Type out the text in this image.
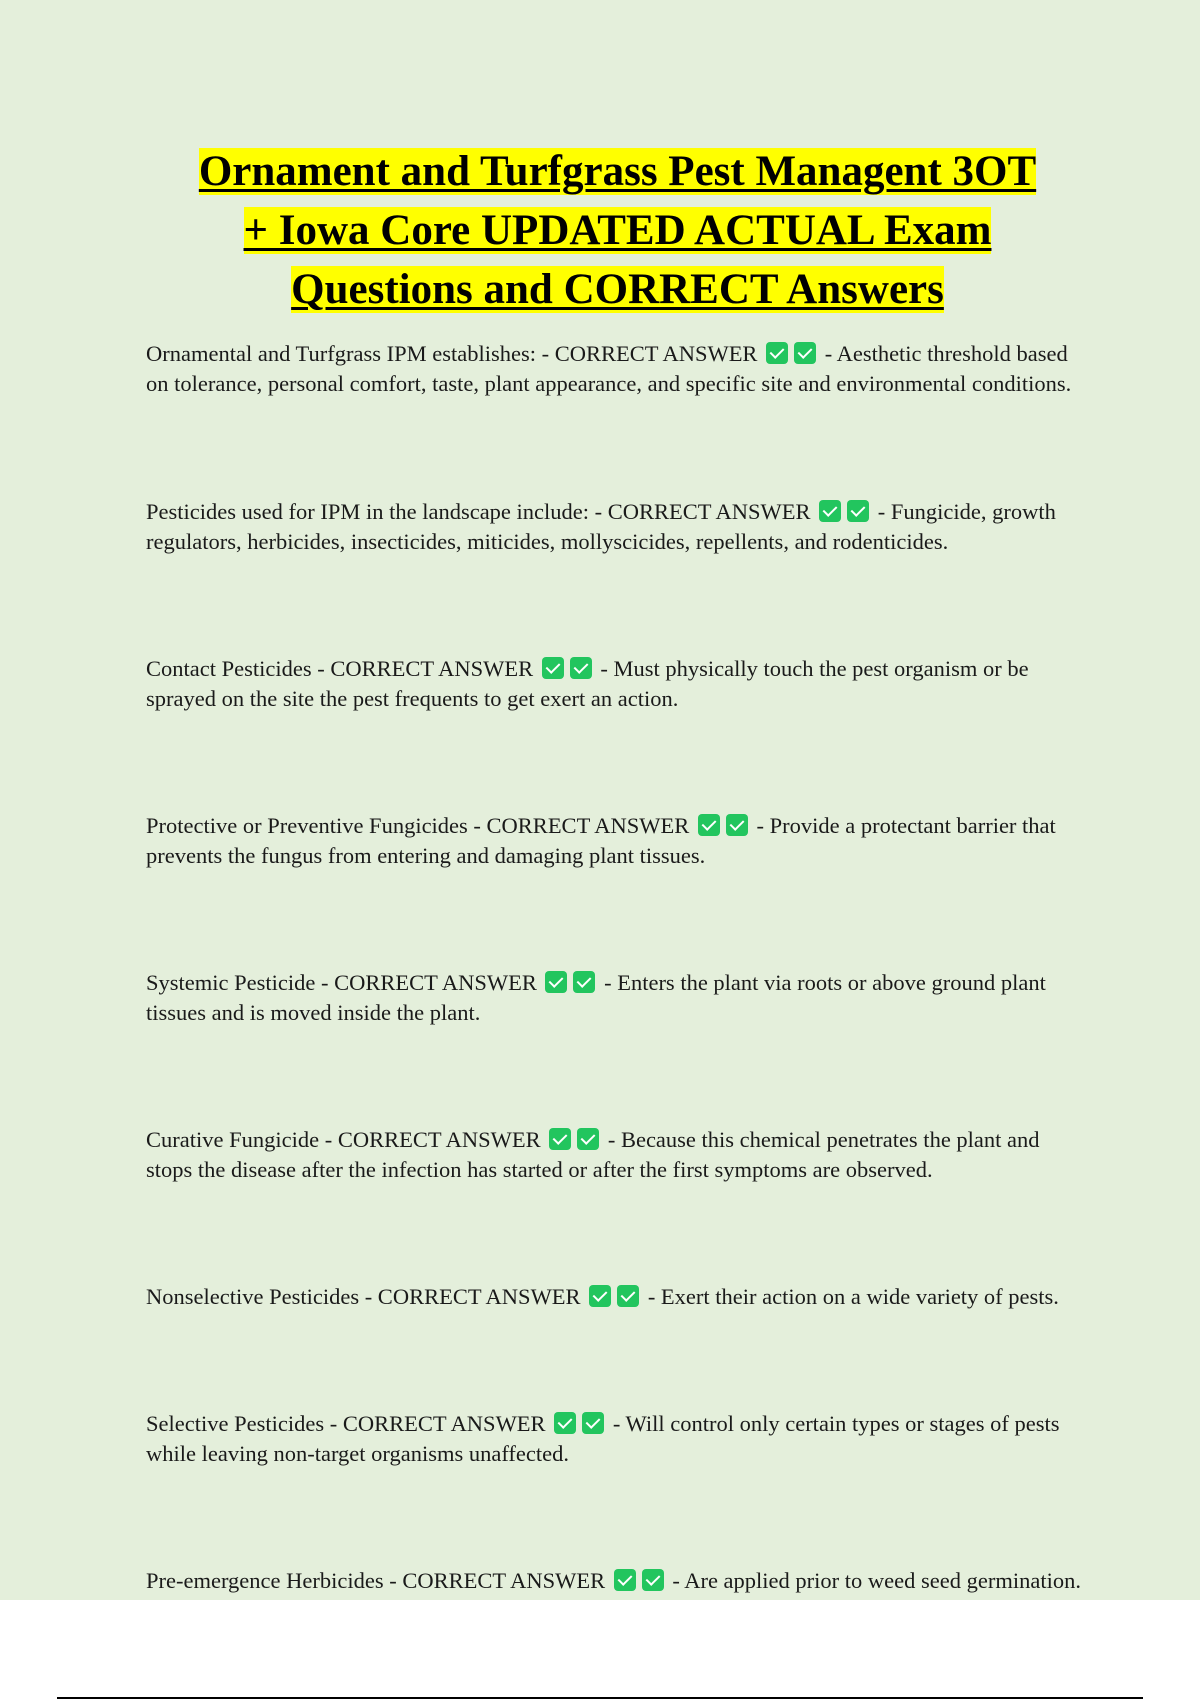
Ornament and Turfgrass Pest Managent 3OT
+ Iowa Core UPDATED ACTUAL Exam
Questions and CORRECT Answers

Ornamental and Turfgrass IPM establishes: - CORRECT ANSWER	- Aesthetic threshold based on tolerance, personal comfort, taste, plant appearance, and specific site and environmental conditions.

Pesticides used for IPM in the landscape include: - CORRECT ANSWER	- Fungicide, growth regulators, herbicides, insecticides, miticides, mollyscicides, repellents, and rodenticides.

Contact Pesticides - CORRECT ANSWER	- Must physically touch the pest organism or be sprayed on the site the pest frequents to get exert an action.

Protective or Preventive Fungicides - CORRECT ANSWER	- Provide a protectant barrier that prevents the fungus from entering and damaging plant tissues.

Systemic Pesticide - CORRECT ANSWER	- Enters the plant via roots or above ground plant tissues and is moved inside the plant.

Curative Fungicide - CORRECT ANSWER	- Because this chemical penetrates the plant and stops the disease after the infection has started or after the first symptoms are observed.

Nonselective Pesticides - CORRECT ANSWER	- Exert their action on a wide variety of pests.

Selective Pesticides - CORRECT ANSWER	- Will control only certain types or stages of pests while leaving non-target organisms unaffected.

Pre-emergence Herbicides - CORRECT ANSWER	- Are applied prior to weed seed germination.
